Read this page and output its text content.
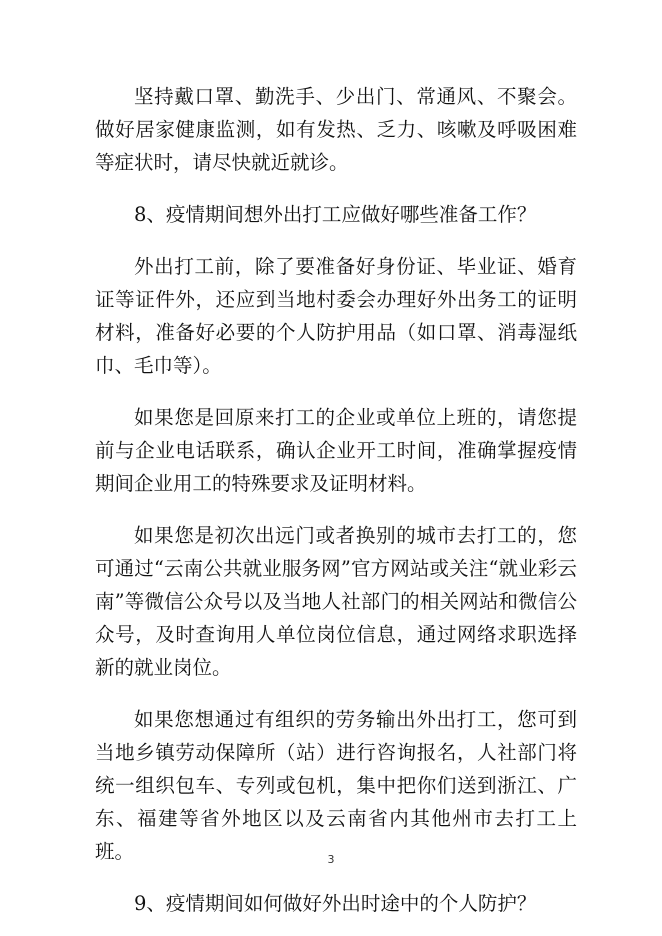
坚持戴口罩、勤洗手、少出门、常通风、不聚会。做好居家健康监测，如有发热、乏力、咳嗽及呼吸困难等症状时，请尽快就近就诊。

8、疫情期间想外出打工应做好哪些准备工作？

外出打工前，除了要准备好身份证、毕业证、婚育证等证件外，还应到当地村委会办理好外出务工的证明材料，准备好必要的个人防护用品（如口罩、消毒湿纸巾、毛巾等）。

如果您是回原来打工的企业或单位上班的，请您提前与企业电话联系，确认企业开工时间，准确掌握疫情期间企业用工的特殊要求及证明材料。

如果您是初次出远门或者换别的城市去打工的，您可通过“云南公共就业服务网”官方网站或关注“就业彩云南”等微信公众号以及当地人社部门的相关网站和微信公众号，及时查询用人单位岗位信息，通过网络求职选择新的就业岗位。

如果您想通过有组织的劳务输出外出打工，您可到当地乡镇劳动保障所（站）进行咨询报名，人社部门将统一组织包车、专列或包机，集中把你们送到浙江、广东、福建等省外地区以及云南省内其他州市去打工上班。

9、疫情期间如何做好外出时途中的个人防护？

3
